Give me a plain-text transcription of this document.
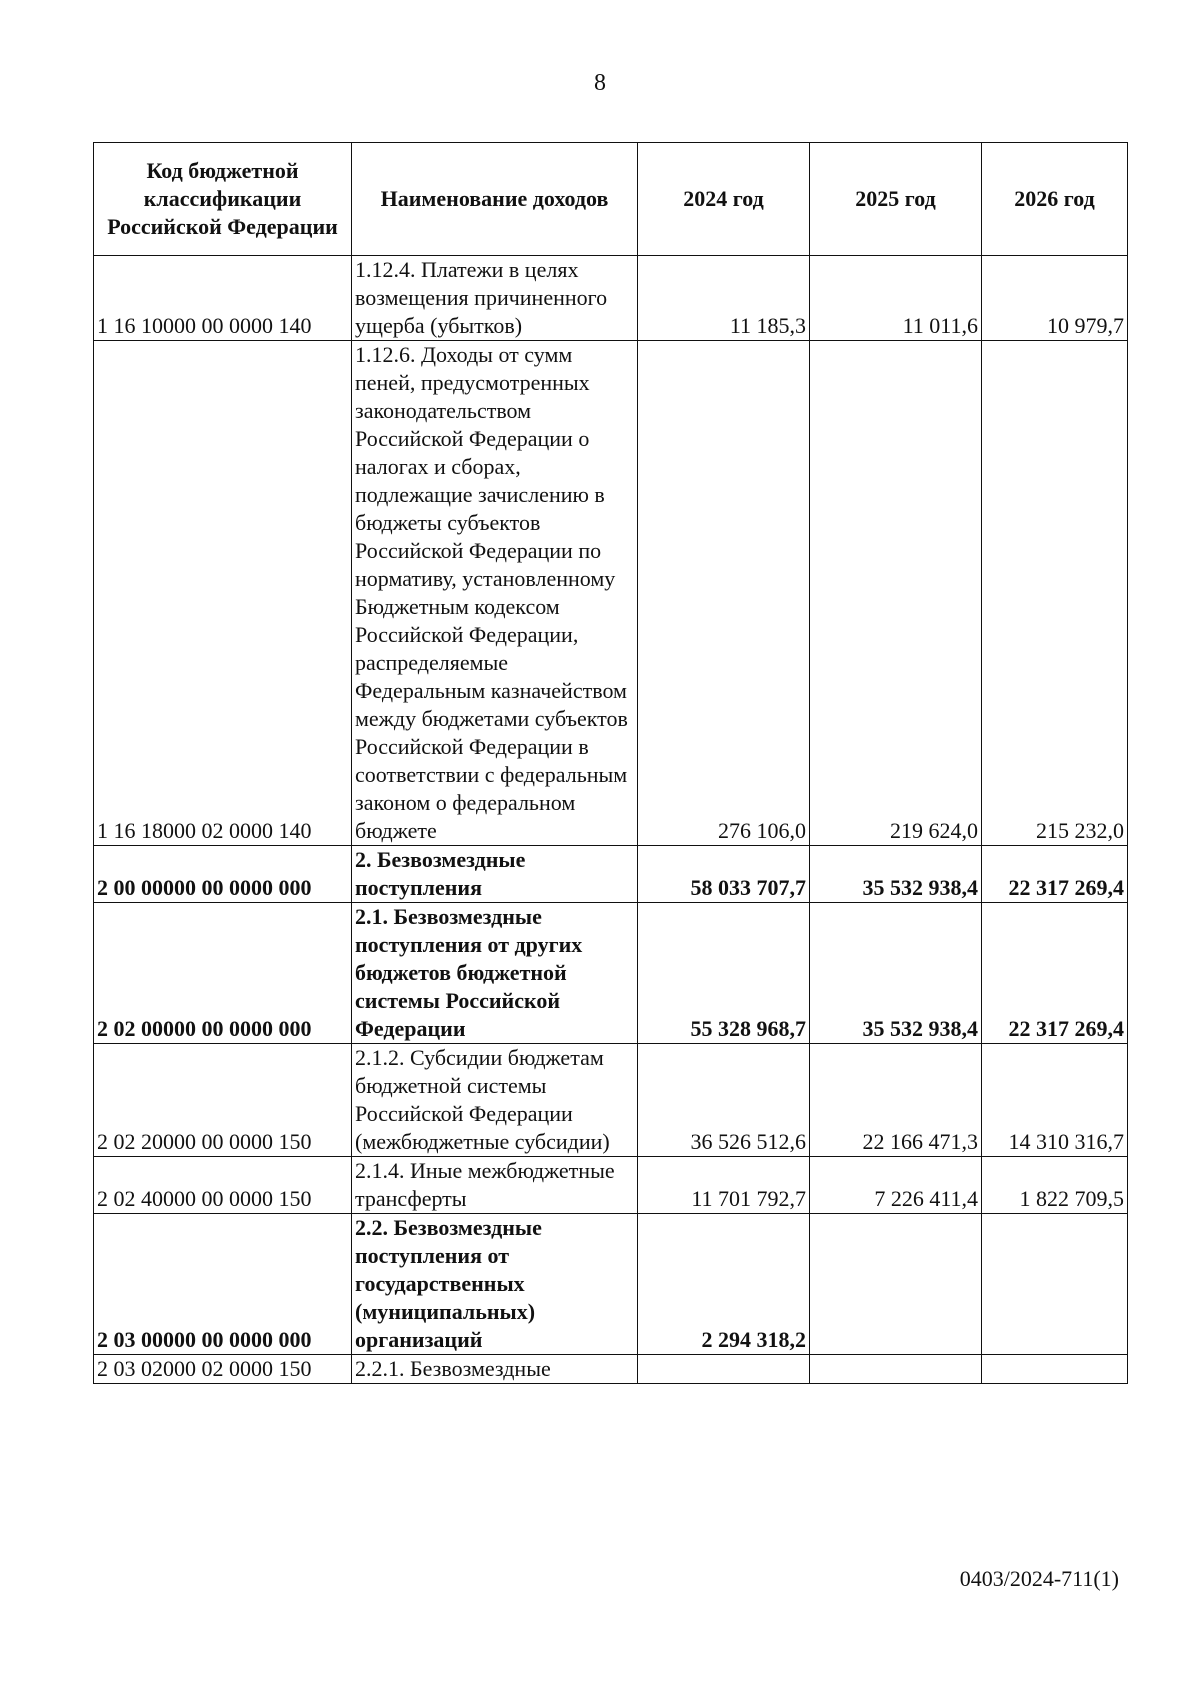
8
Код бюджетной классификации Российской Федерации	Наименование доходов	2024 год	2025 год	2026 год
1 16 10000 00 0000 140	1.12.4. Платежи в целях возмещения причиненного ущерба (убытков)	11 185,3	11 011,6	10 979,7
1 16 18000 02 0000 140	1.12.6. Доходы от сумм пеней, предусмотренных законодательством Российской Федерации о налогах и сборах, подлежащие зачислению в бюджеты субъектов Российской Федерации по нормативу, установленному Бюджетным кодексом Российской Федерации, распределяемые Федеральным казначейством между бюджетами субъектов Российской Федерации в соответствии с федеральным законом о федеральном бюджете	276 106,0	219 624,0	215 232,0
2 00 00000 00 0000 000	2. Безвозмездные поступления	58 033 707,7	35 532 938,4	22 317 269,4
2 02 00000 00 0000 000	2.1. Безвозмездные поступления от других бюджетов бюджетной системы Российской Федерации	55 328 968,7	35 532 938,4	22 317 269,4
2 02 20000 00 0000 150	2.1.2. Субсидии бюджетам бюджетной системы Российской Федерации (межбюджетные субсидии)	36 526 512,6	22 166 471,3	14 310 316,7
2 02 40000 00 0000 150	2.1.4. Иные межбюджетные трансферты	11 701 792,7	7 226 411,4	1 822 709,5
2 03 00000 00 0000 000	2.2. Безвозмездные поступления от государственных (муниципальных) организаций	2 294 318,2		
2 03 02000 02 0000 150	2.2.1. Безвозмездные			
0403/2024-711(1)
